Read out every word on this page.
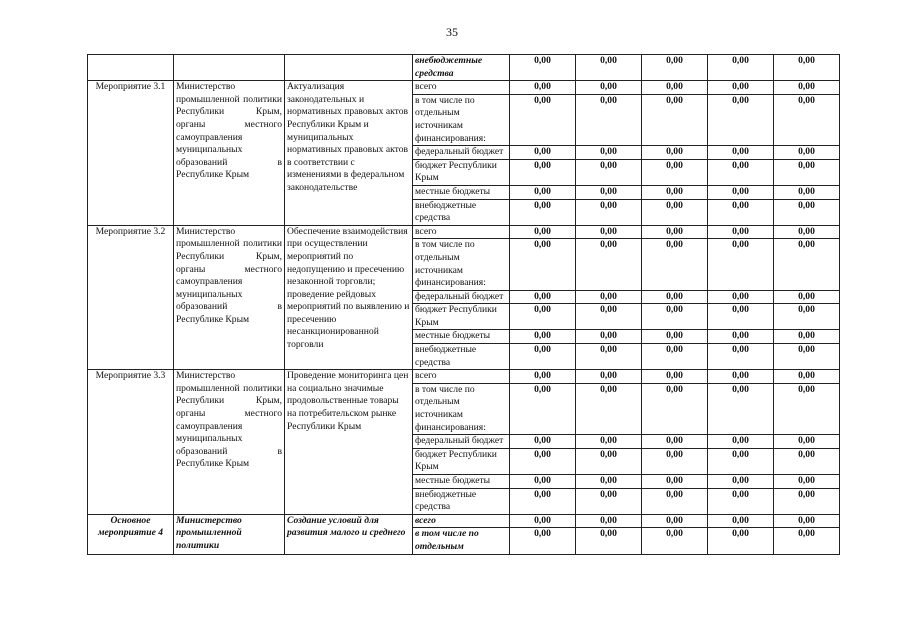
35
			внебюджетные средства	0,00	0,00	0,00	0,00	0,00
Мероприятие 3.1	Министерство промышленной политики Республики Крым, органы местного самоуправления муниципальных образований в Республике Крым	Актуализация законодательных и нормативных правовых актов Республики Крым и муниципальных нормативных правовых актов в соответствии с изменениями в федеральном законодательстве	всего	0,00	0,00	0,00	0,00	0,00
			в том числе по отдельным источникам финансирования:	0,00	0,00	0,00	0,00	0,00
			федеральный бюджет	0,00	0,00	0,00	0,00	0,00
			бюджет Республики Крым	0,00	0,00	0,00	0,00	0,00
			местные бюджеты	0,00	0,00	0,00	0,00	0,00
			внебюджетные средства	0,00	0,00	0,00	0,00	0,00
Мероприятие 3.2	Министерство промышленной политики Республики Крым, органы местного самоуправления муниципальных образований в Республике Крым	Обеспечение взаимодействия при осуществлении мероприятий по недопущению и пресечению незаконной торговли; проведение рейдовых мероприятий по выявлению и пресечению несанкционированной торговли	всего	0,00	0,00	0,00	0,00	0,00
			в том числе по отдельным источникам финансирования:	0,00	0,00	0,00	0,00	0,00
			федеральный бюджет	0,00	0,00	0,00	0,00	0,00
			бюджет Республики Крым	0,00	0,00	0,00	0,00	0,00
			местные бюджеты	0,00	0,00	0,00	0,00	0,00
			внебюджетные средства	0,00	0,00	0,00	0,00	0,00
Мероприятие 3.3	Министерство промышленной политики Республики Крым, органы местного самоуправления муниципальных образований в Республике Крым	Проведение мониторинга цен на социально значимые продовольственные товары на потребительском рынке Республики Крым	всего	0,00	0,00	0,00	0,00	0,00
			в том числе по отдельным источникам финансирования:	0,00	0,00	0,00	0,00	0,00
			федеральный бюджет	0,00	0,00	0,00	0,00	0,00
			бюджет Республики Крым	0,00	0,00	0,00	0,00	0,00
			местные бюджеты	0,00	0,00	0,00	0,00	0,00
			внебюджетные средства	0,00	0,00	0,00	0,00	0,00
Основное мероприятие 4	Министерство промышленной политики	Создание условий для развития малого и среднего	всего	0,00	0,00	0,00	0,00	0,00
			в том числе по отдельным	0,00	0,00	0,00	0,00	0,00
